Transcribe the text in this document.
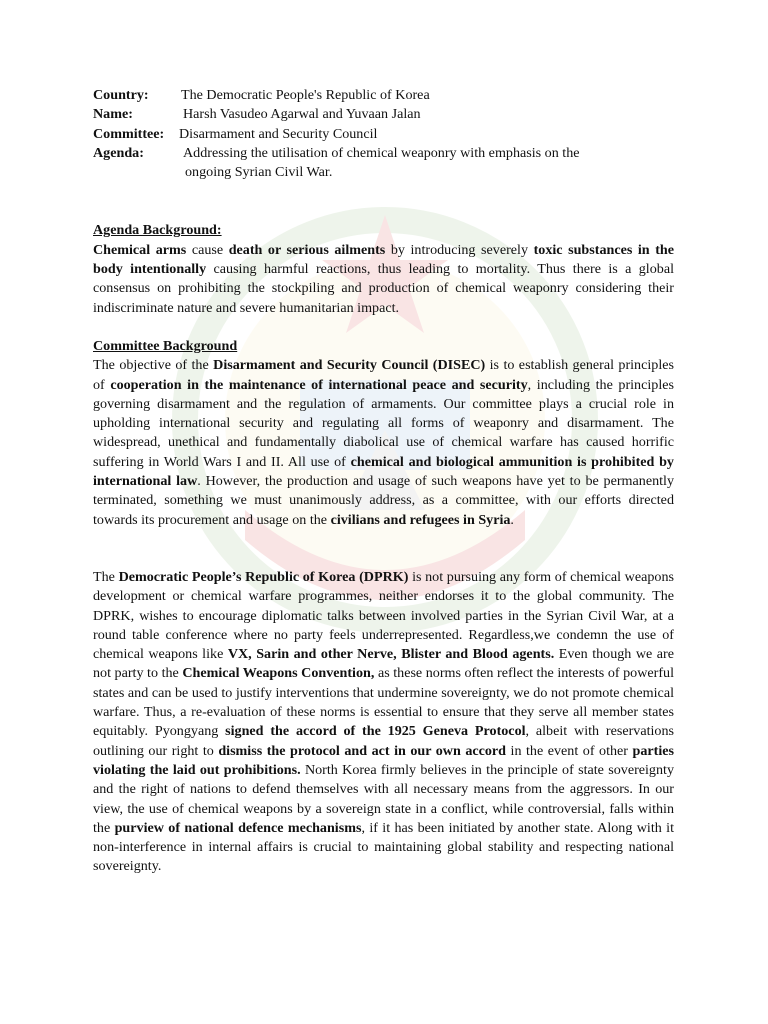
Country:	The Democratic People's Republic of Korea
Name:	Harsh Vasudeo Agarwal and Yuvaan Jalan
Committee:	Disarmament and Security Council
Agenda:	Addressing the utilisation of chemical weaponry with emphasis on the
ongoing Syrian Civil War.
Agenda Background:

Chemical arms cause death or serious ailments by introducing severely toxic substances in the body intentionally causing harmful reactions, thus leading to mortality. Thus there is a global consensus on prohibiting the stockpiling and production of chemical weaponry considering their indiscriminate nature and severe humanitarian impact.

Committee Background

The objective of the Disarmament and Security Council (DISEC) is to establish general principles of cooperation in the maintenance of international peace and security, including the principles governing disarmament and the regulation of armaments. Our committee plays a crucial role in upholding international security and regulating all forms of weaponry and disarmament. The widespread, unethical and fundamentally diabolical use of chemical warfare has caused horrific suffering in World Wars I and II. All use of chemical and biological ammunition is prohibited by international law. However, the production and usage of such weapons have yet to be permanently terminated, something we must unanimously address, as a committee, with our efforts directed towards its procurement and usage on the civilians and refugees in Syria.

The Democratic People’s Republic of Korea (DPRK) is not pursuing any form of chemical weapons development or chemical warfare programmes, neither endorses it to the global community. The DPRK, wishes to encourage diplomatic talks between involved parties in the Syrian Civil War, at a round table conference where no party feels underrepresented. Regardless,we condemn the use of chemical weapons like VX, Sarin and other Nerve, Blister and Blood agents. Even though we are not party to the Chemical Weapons Convention, as these norms often reflect the interests of powerful states and can be used to justify interventions that undermine sovereignty, we do not promote chemical warfare. Thus, a re-evaluation of these norms is essential to ensure that they serve all member states equitably. Pyongyang signed the accord of the 1925 Geneva Protocol, albeit with reservations outlining our right to dismiss the protocol and act in our own accord in the event of other parties violating the laid out prohibitions. North Korea firmly believes in the principle of state sovereignty and the right of nations to defend themselves with all necessary means from the aggressors. In our view, the use of chemical weapons by a sovereign state in a conflict, while controversial, falls within the purview of national defence mechanisms, if it has been initiated by another state. Along with it non-interference in internal affairs is crucial to maintaining global stability and respecting national sovereignty.
